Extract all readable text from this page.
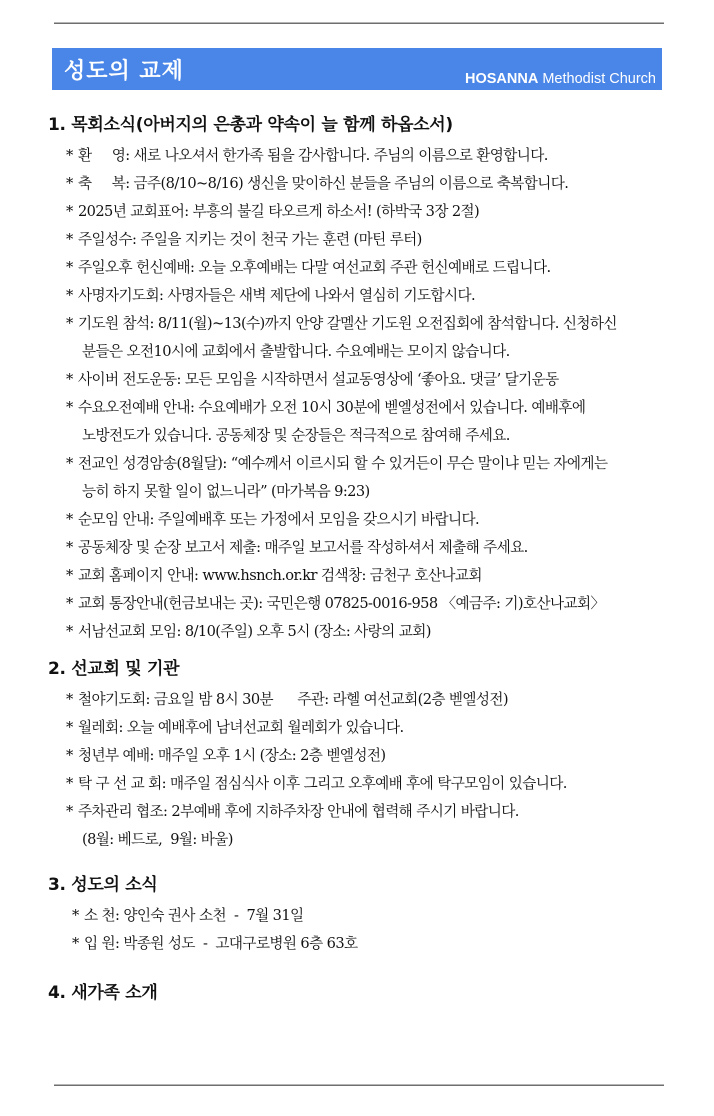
성도의 교제	HOSANNA Methodist Church
1. 목회소식(아버지의 은총과 약속이 늘 함께 하옵소서)
* 환     영: 새로 나오셔서 한가족 됨을 감사합니다. 주님의 이름으로 환영합니다.
* 축     복: 금주(8/10~8/16) 생신을 맞이하신 분들을 주님의 이름으로 축복합니다.
* 2025년 교회표어: 부흥의 불길 타오르게 하소서! (하박국 3장 2절)
* 주일성수: 주일을 지키는 것이 천국 가는 훈련 (마틴 루터)
* 주일오후 헌신예배: 오늘 오후예배는 다말 여선교회 주관 헌신예배로 드립니다.
* 사명자기도회: 사명자들은 새벽 제단에 나와서 열심히 기도합시다.
* 기도원 참석: 8/11(월)~13(수)까지 안양 갈멜산 기도원 오전집회에 참석합니다. 신청하신
분들은 오전10시에 교회에서 출발합니다. 수요예배는 모이지 않습니다.
* 사이버 전도운동: 모든 모임을 시작하면서 설교동영상에 ‘좋아요. 댓글’ 달기운동
* 수요오전예배 안내: 수요예배가 오전 10시 30분에 벧엘성전에서 있습니다. 예배후에
노방전도가 있습니다. 공동체장 및 순장들은 적극적으로 참여해 주세요.
* 전교인 성경암송(8월달): “예수께서 이르시되 할 수 있거든이 무슨 말이냐 믿는 자에게는
능히 하지 못할 일이 없느니라” (마가복음 9:23)
* 순모임 안내: 주일예배후 또는 가정에서 모임을 갖으시기 바랍니다.
* 공동체장 및 순장 보고서 제출: 매주일 보고서를 작성하셔서 제출해 주세요.
* 교회 홈페이지 안내: www.hsnch.or.kr 검색창: 금천구 호산나교회
* 교회 통장안내(헌금보내는 곳): 국민은행 07825-0016-958 〈예금주: 기)호산나교회〉
* 서남선교회 모임: 8/10(주일) 오후 5시 (장소: 사랑의 교회)
2. 선교회 및 기관
* 철야기도회: 금요일 밤 8시 30분      주관: 라헬 여선교회(2층 벧엘성전)
* 월레회: 오늘 예배후에 남녀선교회 월레회가 있습니다.
* 청년부 예배: 매주일 오후 1시 (장소: 2층 벧엘성전)
* 탁 구 선 교 회: 매주일 점심식사 이후 그리고 오후예배 후에 탁구모임이 있습니다.
* 주차관리 협조: 2부예배 후에 지하주차장 안내에 협력해 주시기 바랍니다.
(8월: 베드로,  9월: 바울)
3. 성도의 소식
* 소 천: 양인숙 권사 소천  -  7월 31일
* 입 원: 박종원 성도  -  고대구로병원 6층 63호
4. 새가족 소개
